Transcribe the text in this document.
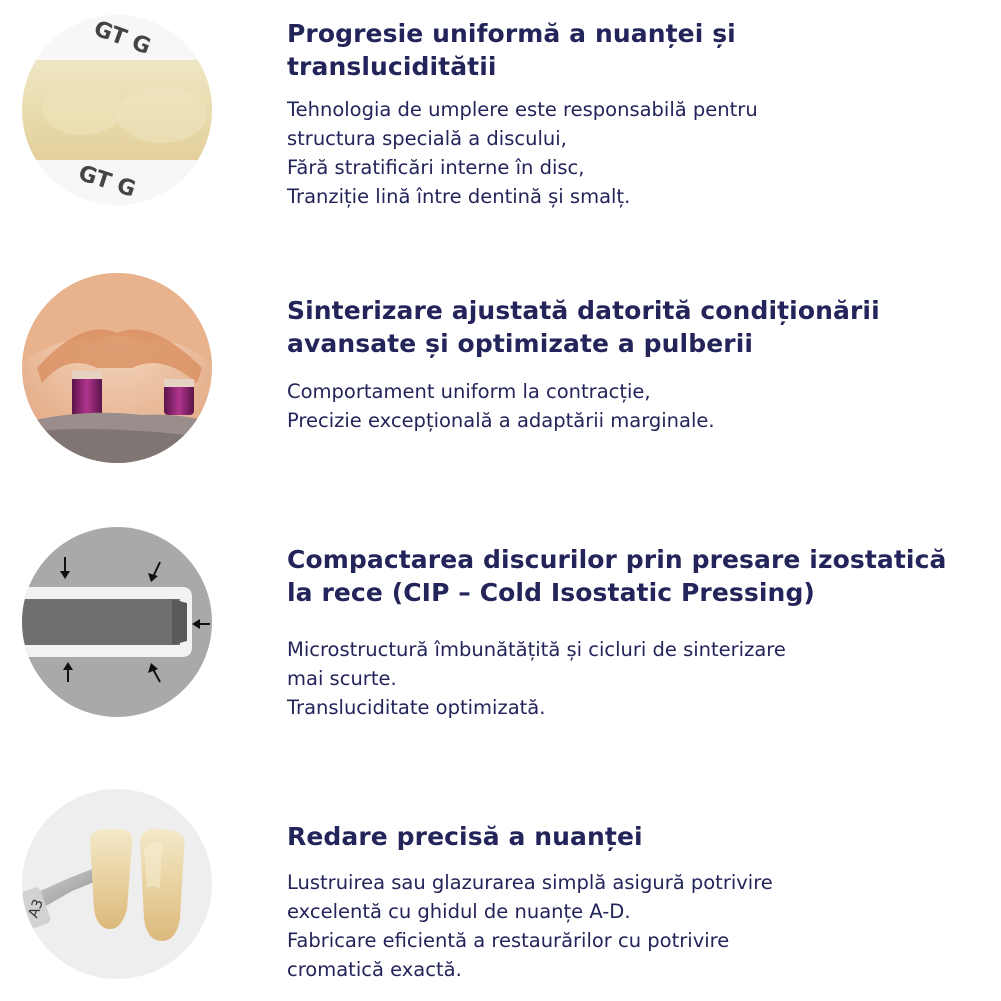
GT G
GT G
Progresie uniformă a nuanței și
transluciditătii
Tehnologia de umplere este responsabilă pentru
structura specială a discului,
Fără stratificări interne în disc,
Tranziție lină între dentină și smalț.
Sinterizare ajustată datorită condiționării
avansate și optimizate a pulberii
Comportament uniform la contracție,
Precizie excepțională a adaptării marginale.
Compactarea discurilor prin presare izostatică
la rece (CIP – Cold Isostatic Pressing)
Microstructură îmbunătățită și cicluri de sinterizare
mai scurte.
Transluciditate optimizată.
A3
Redare precisă a nuanței
Lustruirea sau glazurarea simplă asigură potrivire
excelentă cu ghidul de nuanțe A-D.
Fabricare eficientă a restaurărilor cu potrivire
cromatică exactă.
